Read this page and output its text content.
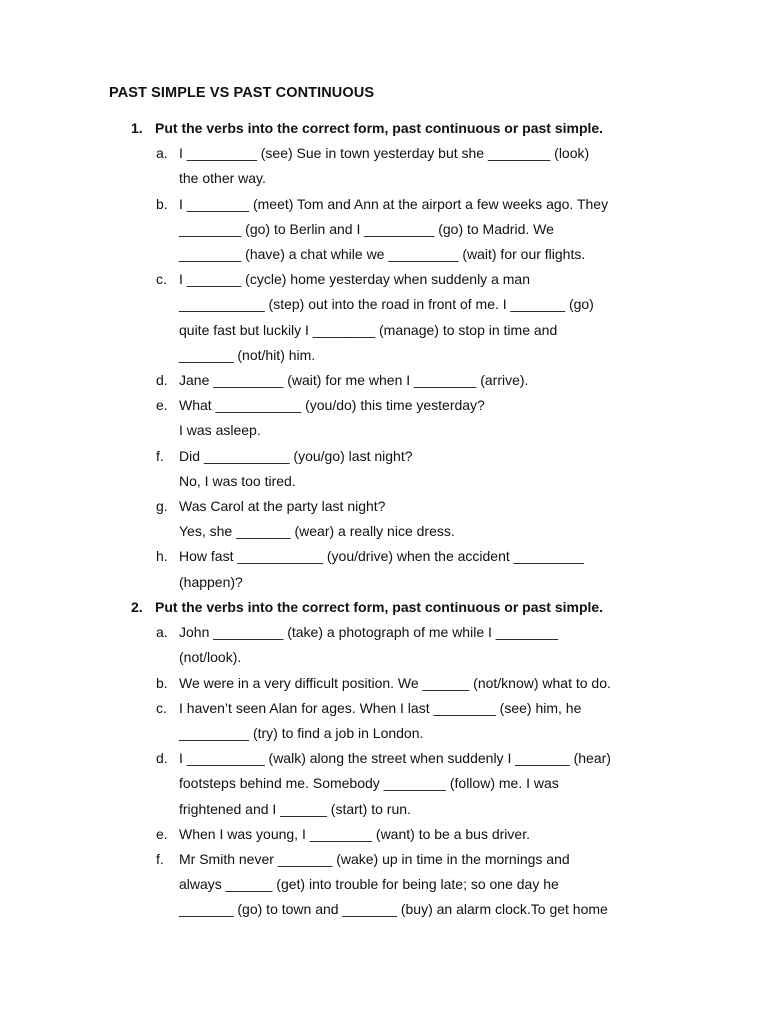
PAST SIMPLE VS PAST CONTINUOUS
1. Put the verbs into the correct form, past continuous or past simple.
a. I _________ (see) Sue in town yesterday but she ________ (look)
the other way.
b. I ________ (meet) Tom and Ann at the airport a few weeks ago. They
________ (go) to Berlin and I _________ (go) to Madrid. We
________ (have) a chat while we _________ (wait) for our flights.
c. I _______ (cycle) home yesterday when suddenly a man
___________ (step) out into the road in front of me. I _______ (go)
quite fast but luckily I ________ (manage) to stop in time and
_______ (not/hit) him.
d. Jane _________ (wait) for me when I ________ (arrive).
e. What ___________ (you/do) this time yesterday?
I was asleep.
f. Did ___________ (you/go) last night?
No, I was too tired.
g. Was Carol at the party last night?
Yes, she _______ (wear) a really nice dress.
h. How fast ___________ (you/drive) when the accident _________
(happen)?
2. Put the verbs into the correct form, past continuous or past simple.
a. John _________ (take) a photograph of me while I ________
(not/look).
b. We were in a very difficult position. We ______ (not/know) what to do.
c. I haven’t seen Alan for ages. When I last ________ (see) him, he
_________ (try) to find a job in London.
d. I __________ (walk) along the street when suddenly I _______ (hear)
footsteps behind me. Somebody ________ (follow) me. I was
frightened and I ______ (start) to run.
e. When I was young, I ________ (want) to be a bus driver.
f. Mr Smith never _______ (wake) up in time in the mornings and
always ______ (get) into trouble for being late; so one day he
_______ (go) to town and _______ (buy) an alarm clock.To get home
